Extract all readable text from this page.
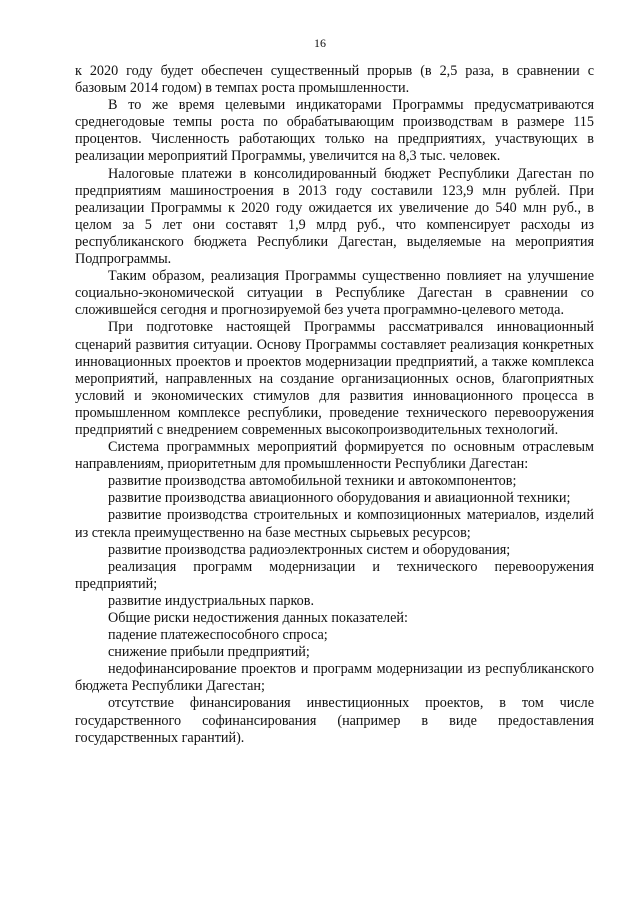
16

к 2020 году будет обеспечен существенный прорыв (в 2,5 раза, в сравнении с базовым 2014 годом) в темпах роста промышленности.

В то же время целевыми индикаторами Программы предусматриваются среднегодовые темпы роста по обрабатывающим производствам в размере 115 процентов. Численность работающих только на предприятиях, участвующих в реализации мероприятий Программы, увеличится на 8,3 тыс. человек.

Налоговые платежи в консолидированный бюджет Республики Дагестан по предприятиям машиностроения в 2013 году составили 123,9 млн рублей. При реализации Программы к 2020 году ожидается их увеличение до 540 млн руб., в целом за 5 лет они составят 1,9 млрд руб., что компенсирует расходы из республиканского бюджета Республики Дагестан, выделяемые на мероприятия Подпрограммы.

Таким образом, реализация Программы существенно повлияет на улучшение социально-экономической ситуации в Республике Дагестан в сравнении со сложившейся сегодня и прогнозируемой без учета программно-целевого метода.

При подготовке настоящей Программы рассматривался инновационный сценарий развития ситуации. Основу Программы составляет реализация конкретных инновационных проектов и проектов модернизации предприятий, а также комплекса мероприятий, направленных на создание организационных основ, благоприятных условий и экономических стимулов для развития инновационного процесса в промышленном комплексе республики, проведение технического перевооружения предприятий с внедрением современных высокопроизводительных технологий.

Система программных мероприятий формируется по основным отраслевым направлениям, приоритетным для промышленности Республики Дагестан:

развитие производства автомобильной техники и автокомпонентов;

развитие производства авиационного оборудования и авиационной техники;

развитие производства строительных и композиционных материалов, изделий из стекла преимущественно на базе местных сырьевых ресурсов;

развитие производства радиоэлектронных систем и оборудования;

реализация программ модернизации и технического перевооружения предприятий;

развитие индустриальных парков.

Общие риски недостижения данных показателей:

падение платежеспособного спроса;

снижение прибыли предприятий;

недофинансирование проектов и программ модернизации из республиканского бюджета Республики Дагестан;

отсутствие финансирования инвестиционных проектов, в том числе государственного софинансирования (например в виде предоставления государственных гарантий).
